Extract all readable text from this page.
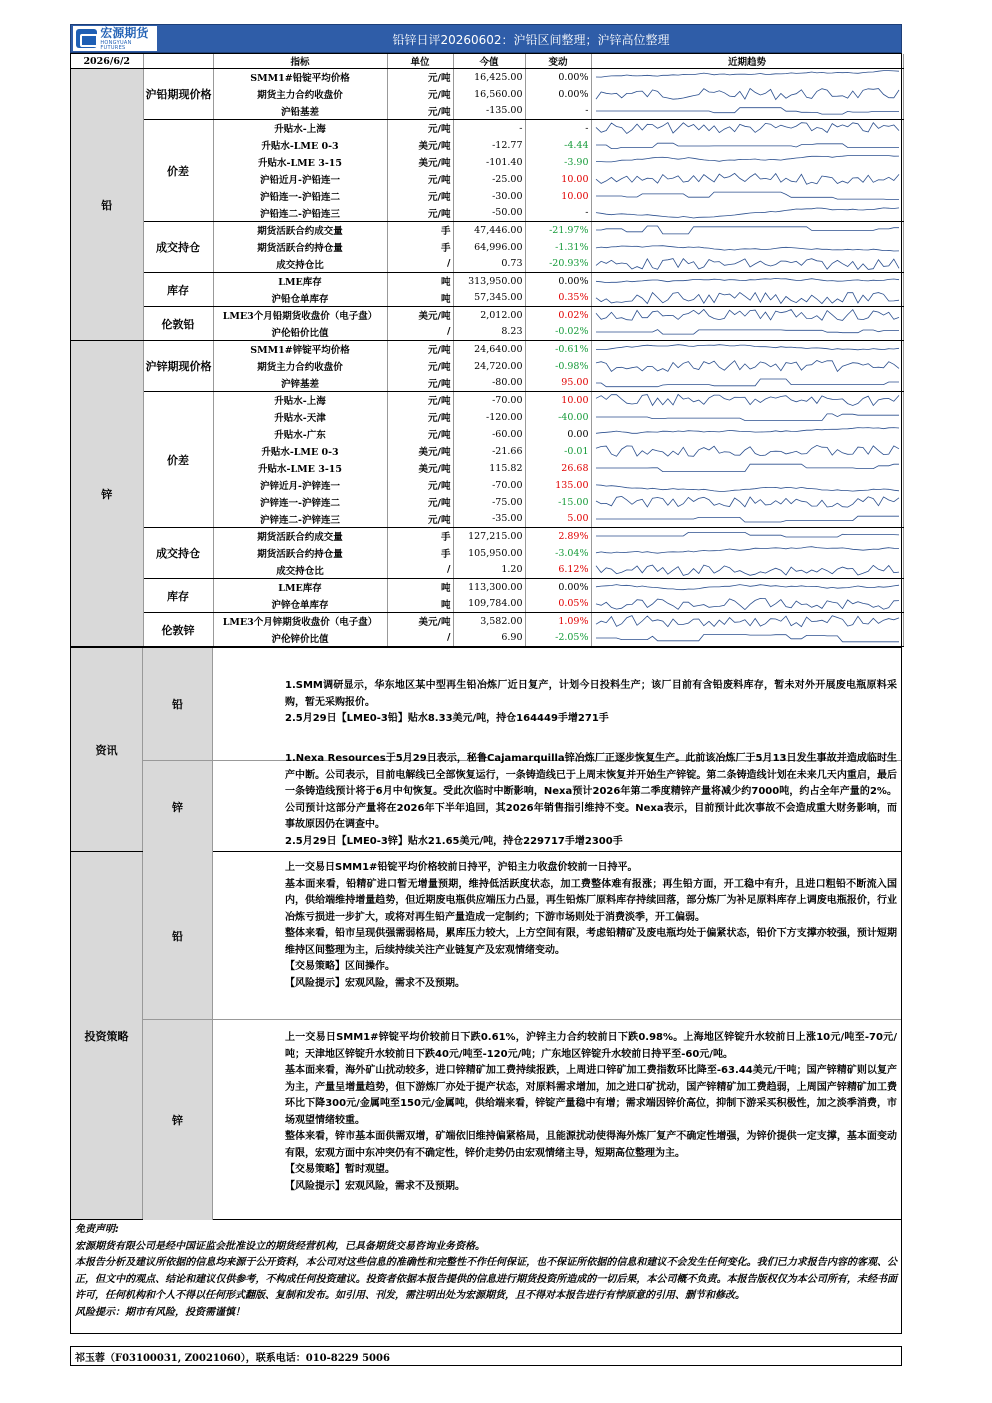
宏源期货
HONGYUAN FUTURES
铅锌日评20260602：沪铅区间整理；沪锌高位整理
2026/6/2		指标	单位	今值	变动	近期趋势
铅	沪铅期现价格	SMM1#铅锭平均价格	元/吨	16,425.00	0.00%	

		期货主力合约收盘价	元/吨	16,560.00	0.00%	

		沪铅基差	元/吨	-135.00	-	

	价差	升贴水-上海	元/吨	-	-	

		升贴水-LME 0-3	美元/吨	-12.77	-4.44	

		升贴水-LME 3-15	美元/吨	-101.40	-3.90	

		沪铅近月-沪铅连一	元/吨	-25.00	10.00	

		沪铅连一-沪铅连二	元/吨	-30.00	10.00	

		沪铅连二-沪铅连三	元/吨	-50.00	-	

	成交持仓	期货活跃合约成交量	手	47,446.00	-21.97%	

		期货活跃合约持仓量	手	64,996.00	-1.31%	

		成交持仓比	/	0.73	-20.93%	

	库存	LME库存	吨	313,950.00	0.00%	

		沪铅仓单库存	吨	57,345.00	0.35%	

	伦敦铅	LME3个月铅期货收盘价（电子盘）	美元/吨	2,012.00	0.02%	

		沪伦铅价比值	/	8.23	-0.02%	

锌	沪锌期现价格	SMM1#锌锭平均价格	元/吨	24,640.00	-0.61%	

		期货主力合约收盘价	元/吨	24,720.00	-0.98%	

		沪锌基差	元/吨	-80.00	95.00	

	价差	升贴水-上海	元/吨	-70.00	10.00	

		升贴水-天津	元/吨	-120.00	-40.00	

		升贴水-广东	元/吨	-60.00	0.00	

		升贴水-LME 0-3	美元/吨	-21.66	-0.01	

		升贴水-LME 3-15	美元/吨	115.82	26.68	

		沪锌近月-沪锌连一	元/吨	-70.00	135.00	

		沪锌连一-沪锌连二	元/吨	-75.00	-15.00	

		沪锌连二-沪锌连三	元/吨	-35.00	5.00	

	成交持仓	期货活跃合约成交量	手	127,215.00	2.89%	

		期货活跃合约持仓量	手	105,950.00	-3.04%	

		成交持仓比	/	1.20	6.12%	

	库存	LME库存	吨	113,300.00	0.00%	

		沪锌仓单库存	吨	109,784.00	0.05%	

	伦敦锌	LME3个月锌期货收盘价（电子盘）	美元/吨	3,582.00	1.09%	

		沪伦锌价比值	/	6.90	-2.05%	
资讯
铅

1.SMM调研显示，华东地区某中型再生铅冶炼厂近日复产，计划今日投料生产；该厂目前有含铅废料库存，暂未对外开展废电瓶原料采购，暂无采购报价。

2.5月29日【LME0-3铅】贴水8.33美元/吨，持仓164449手增271手

锌

1.Nexa Resources于5月29日表示，秘鲁Cajamarquilla锌冶炼厂正逐步恢复生产。此前该冶炼厂于5月13日发生事故并造成临时生产中断。公司表示，目前电解线已全部恢复运行，一条铸造线已于上周末恢复并开始生产锌锭。第二条铸造线计划在未来几天内重启，最后一条铸造线预计将于6月中旬恢复。受此次临时中断影响，Nexa预计2026年第二季度精锌产量将减少约7000吨，约占全年产量的2%。公司预计这部分产量将在2026年下半年追回，其2026年销售指引维持不变。Nexa表示，目前预计此次事故不会造成重大财务影响，而事故原因仍在调查中。

2.5月29日【LME0-3锌】贴水21.65美元/吨，持仓229717手增2300手

投资策略
铅

上一交易日SMM1#铅锭平均价格较前日持平，沪铅主力收盘价较前一日持平。

基本面来看，铅精矿进口暂无增量预期，维持低活跃度状态，加工费整体难有报涨；再生铅方面，开工稳中有升，且进口粗铅不断流入国内，供给端维持增量趋势，但近期废电瓶供应端压力凸显，再生铅炼厂原料库存持续回落，部分炼厂为补足原料库存上调废电瓶报价，行业冶炼亏损进一步扩大，或将对再生铅产量造成一定制约；下游市场则处于消费淡季，开工偏弱。

整体来看，铅市呈现供强需弱格局，累库压力较大，上方空间有限，考虑铅精矿及废电瓶均处于偏紧状态，铅价下方支撑亦较强，预计短期维持区间整理为主，后续持续关注产业链复产及宏观情绪变动。

【交易策略】区间操作。

【风险提示】宏观风险，需求不及预期。

锌

上一交易日SMM1#锌锭平均价较前日下跌0.61%，沪锌主力合约较前日下跌0.98%。上海地区锌锭升水较前日上涨10元/吨至-70元/吨；天津地区锌锭升水较前日下跌40元/吨至-120元/吨；广东地区锌锭升水较前日持平至-60元/吨。

基本面来看，海外矿山扰动较多，进口锌精矿加工费持续报跌，上周进口锌矿加工费指数环比降至-63.44美元/干吨；国产锌精矿则以复产为主，产量呈增量趋势，但下游炼厂亦处于提产状态，对原料需求增加，加之进口矿扰动，国产锌精矿加工费趋弱，上周国产锌精矿加工费环比下降300元/金属吨至150元/金属吨，供给端来看，锌锭产量稳中有增；需求端因锌价高位，抑制下游采买积极性，加之淡季消费，市场观望情绪较重。

整体来看，锌市基本面供需双增，矿端依旧维持偏紧格局，且能源扰动使得海外炼厂复产不确定性增强，为锌价提供一定支撑，基本面变动有限，宏观方面中东冲突仍有不确定性，锌价走势仍由宏观情绪主导，短期高位整理为主。

【交易策略】暂时观望。

【风险提示】宏观风险，需求不及预期。

免责声明:

宏源期货有限公司是经中国证监会批准设立的期货经营机构，已具备期货交易咨询业务资格。

本报告分析及建议所依据的信息均来源于公开资料，本公司对这些信息的准确性和完整性不作任何保证，也不保证所依据的信息和建议不会发生任何变化。我们已力求报告内容的客观、公正，但文中的观点、结论和建议仅供参考，不构成任何投资建议。投资者依据本报告提供的信息进行期货投资所造成的一切后果，本公司概不负责。本报告版权仅为本公司所有，未经书面许可，任何机构和个人不得以任何形式翻版、复制和发布。如引用、刊发，需注明出处为宏源期货，且不得对本报告进行有悖原意的引用、删节和修改。

风险提示：期市有风险，投资需谨慎！

祁玉蓉（F03100031, Z0021060），联系电话：010-8229 5006
